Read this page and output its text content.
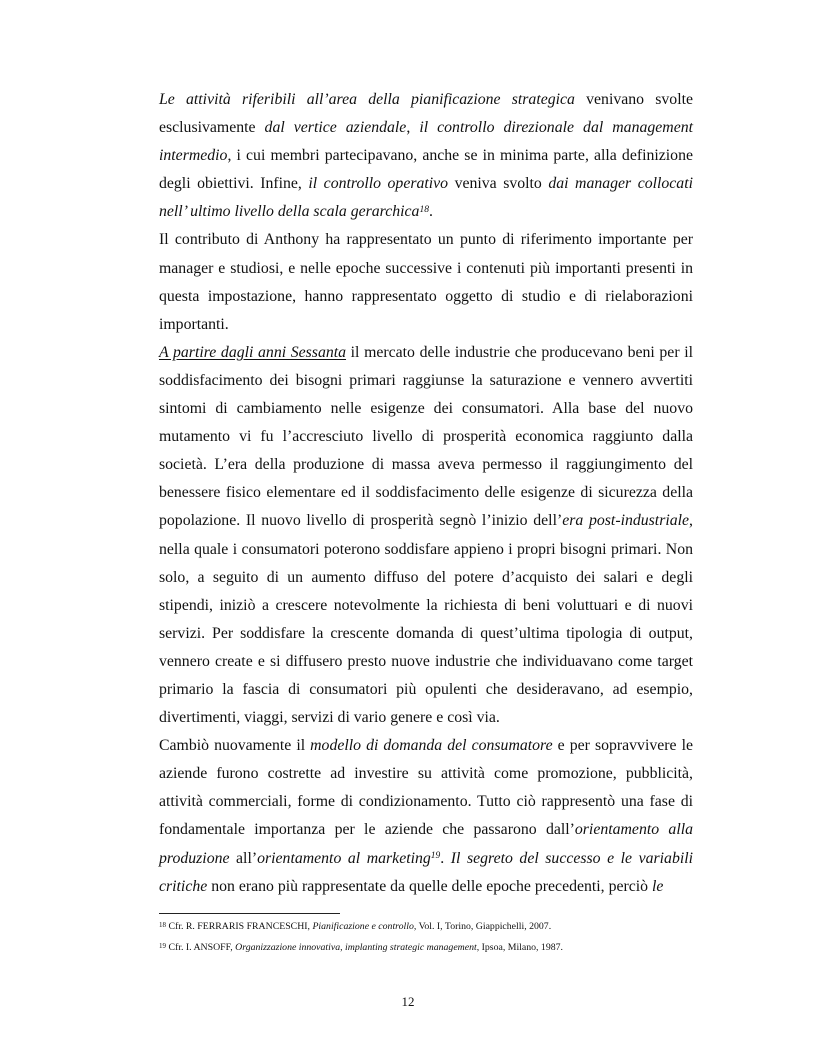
Le attività riferibili all’area della pianificazione strategica venivano svolte esclusivamente dal vertice aziendale, il controllo direzionale dal management intermedio, i cui membri partecipavano, anche se in minima parte, alla definizione degli obiettivi. Infine, il controllo operativo veniva svolto dai manager collocati nell’ ultimo livello della scala gerarchica$^{18}$.

Il contributo di Anthony ha rappresentato un punto di riferimento importante per manager e studiosi, e nelle epoche successive i contenuti più importanti presenti in questa impostazione, hanno rappresentato oggetto di studio e di rielaborazioni importanti.

A partire dagli anni Sessanta il mercato delle industrie che producevano beni per il soddisfacimento dei bisogni primari raggiunse la saturazione e vennero avvertiti sintomi di cambiamento nelle esigenze dei consumatori. Alla base del nuovo mutamento vi fu l’accresciuto livello di prosperità economica raggiunto dalla società. L’era della produzione di massa aveva permesso il raggiungimento del benessere fisico elementare ed il soddisfacimento delle esigenze di sicurezza della popolazione. Il nuovo livello di prosperità segnò l’inizio dell’era post-industriale, nella quale i consumatori poterono soddisfare appieno i propri bisogni primari. Non solo, a seguito di un aumento diffuso del potere d’acquisto dei salari e degli stipendi, iniziò a crescere notevolmente la richiesta di beni voluttuari e di nuovi servizi. Per soddisfare la crescente domanda di quest’ultima tipologia di output, vennero create e si diffusero presto nuove industrie che individuavano come target primario la fascia di consumatori più opulenti che desideravano, ad esempio, divertimenti, viaggi, servizi di vario genere e così via.

Cambiò nuovamente il modello di domanda del consumatore e per sopravvivere le aziende furono costrette ad investire su attività come promozione, pubblicità, attività commerciali, forme di condizionamento. Tutto ciò rappresentò una fase di fondamentale importanza per le aziende che passarono dall’orientamento alla produzione all’orientamento al marketing$^{19}$. Il segreto del successo e le variabili critiche non erano più rappresentate da quelle delle epoche precedenti, perciò le

$^{18}$ Cfr. R. FERRARIS FRANCESCHI, Pianificazione e controllo, Vol. I, Torino, Giappichelli, 2007.

$^{19}$ Cfr. I. ANSOFF, Organizzazione innovativa, implanting strategic management, Ipsoa, Milano, 1987.

12
